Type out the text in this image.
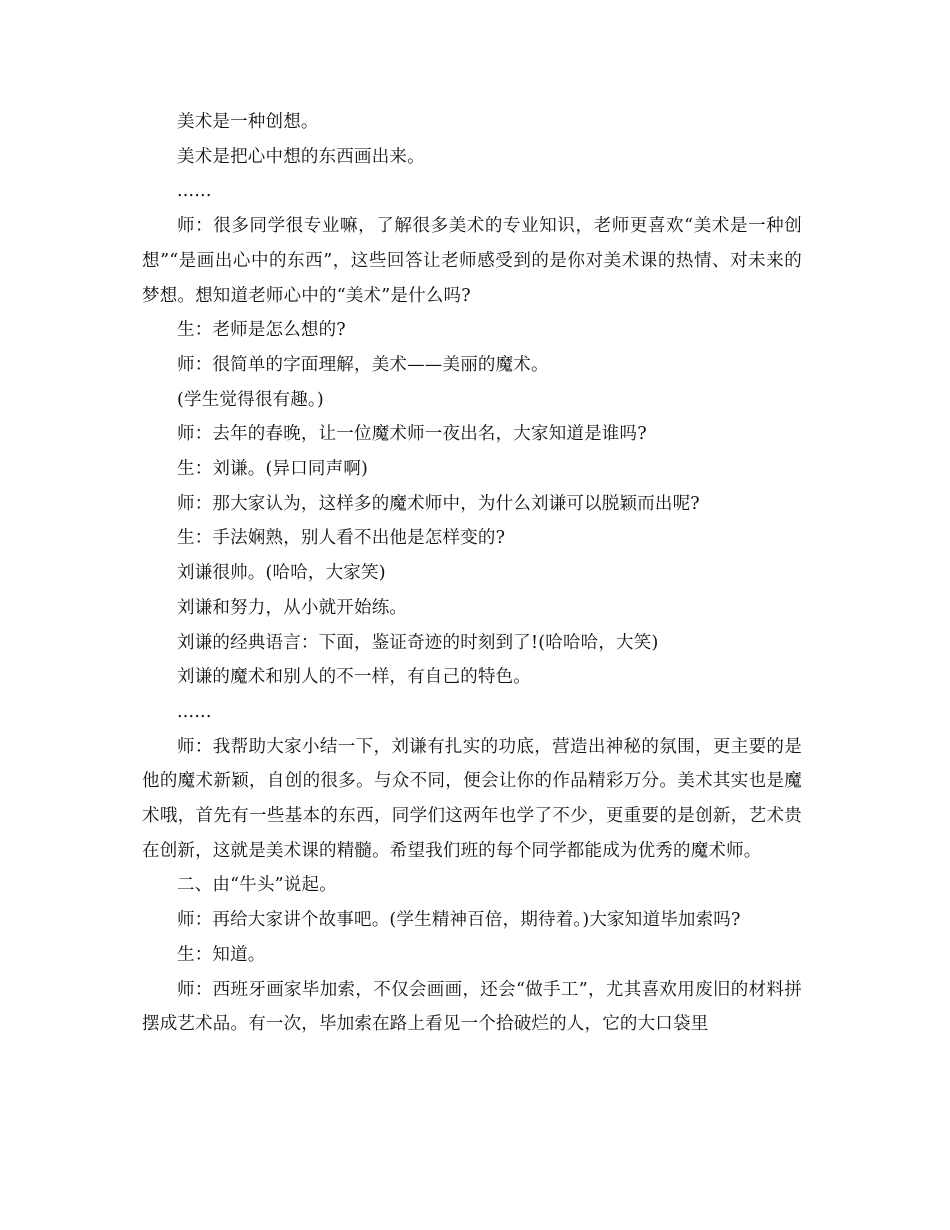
美术是一种创想。

美术是把心中想的东西画出来。

......

师：很多同学很专业嘛，了解很多美术的专业知识，老师更喜欢“美术是一种创想”“是画出心中的东西”，这些回答让老师感受到的是你对美术课的热情、对未来的梦想。想知道老师心中的“美术”是什么吗?

生：老师是怎么想的?

师：很简单的字面理解，美术——美丽的魔术。

(学生觉得很有趣。)

师：去年的春晚，让一位魔术师一夜出名，大家知道是谁吗?

生：刘谦。(异口同声啊)

师：那大家认为，这样多的魔术师中，为什么刘谦可以脱颖而出呢?

生：手法娴熟，别人看不出他是怎样变的?

刘谦很帅。(哈哈，大家笑)

刘谦和努力，从小就开始练。

刘谦的经典语言：下面，鉴证奇迹的时刻到了!(哈哈哈，大笑)

刘谦的魔术和别人的不一样，有自己的特色。

......

师：我帮助大家小结一下，刘谦有扎实的功底，营造出神秘的氛围，更主要的是他的魔术新颖，自创的很多。与众不同，便会让你的作品精彩万分。美术其实也是魔术哦，首先有一些基本的东西，同学们这两年也学了不少，更重要的是创新，艺术贵在创新，这就是美术课的精髓。希望我们班的每个同学都能成为优秀的魔术师。

二、由“牛头”说起。

师：再给大家讲个故事吧。(学生精神百倍，期待着。)大家知道毕加索吗?

生：知道。

师：西班牙画家毕加索，不仅会画画，还会“做手工”，尤其喜欢用废旧的材料拼摆成艺术品。有一次，毕加索在路上看见一个拾破烂的人，它的大口袋里
